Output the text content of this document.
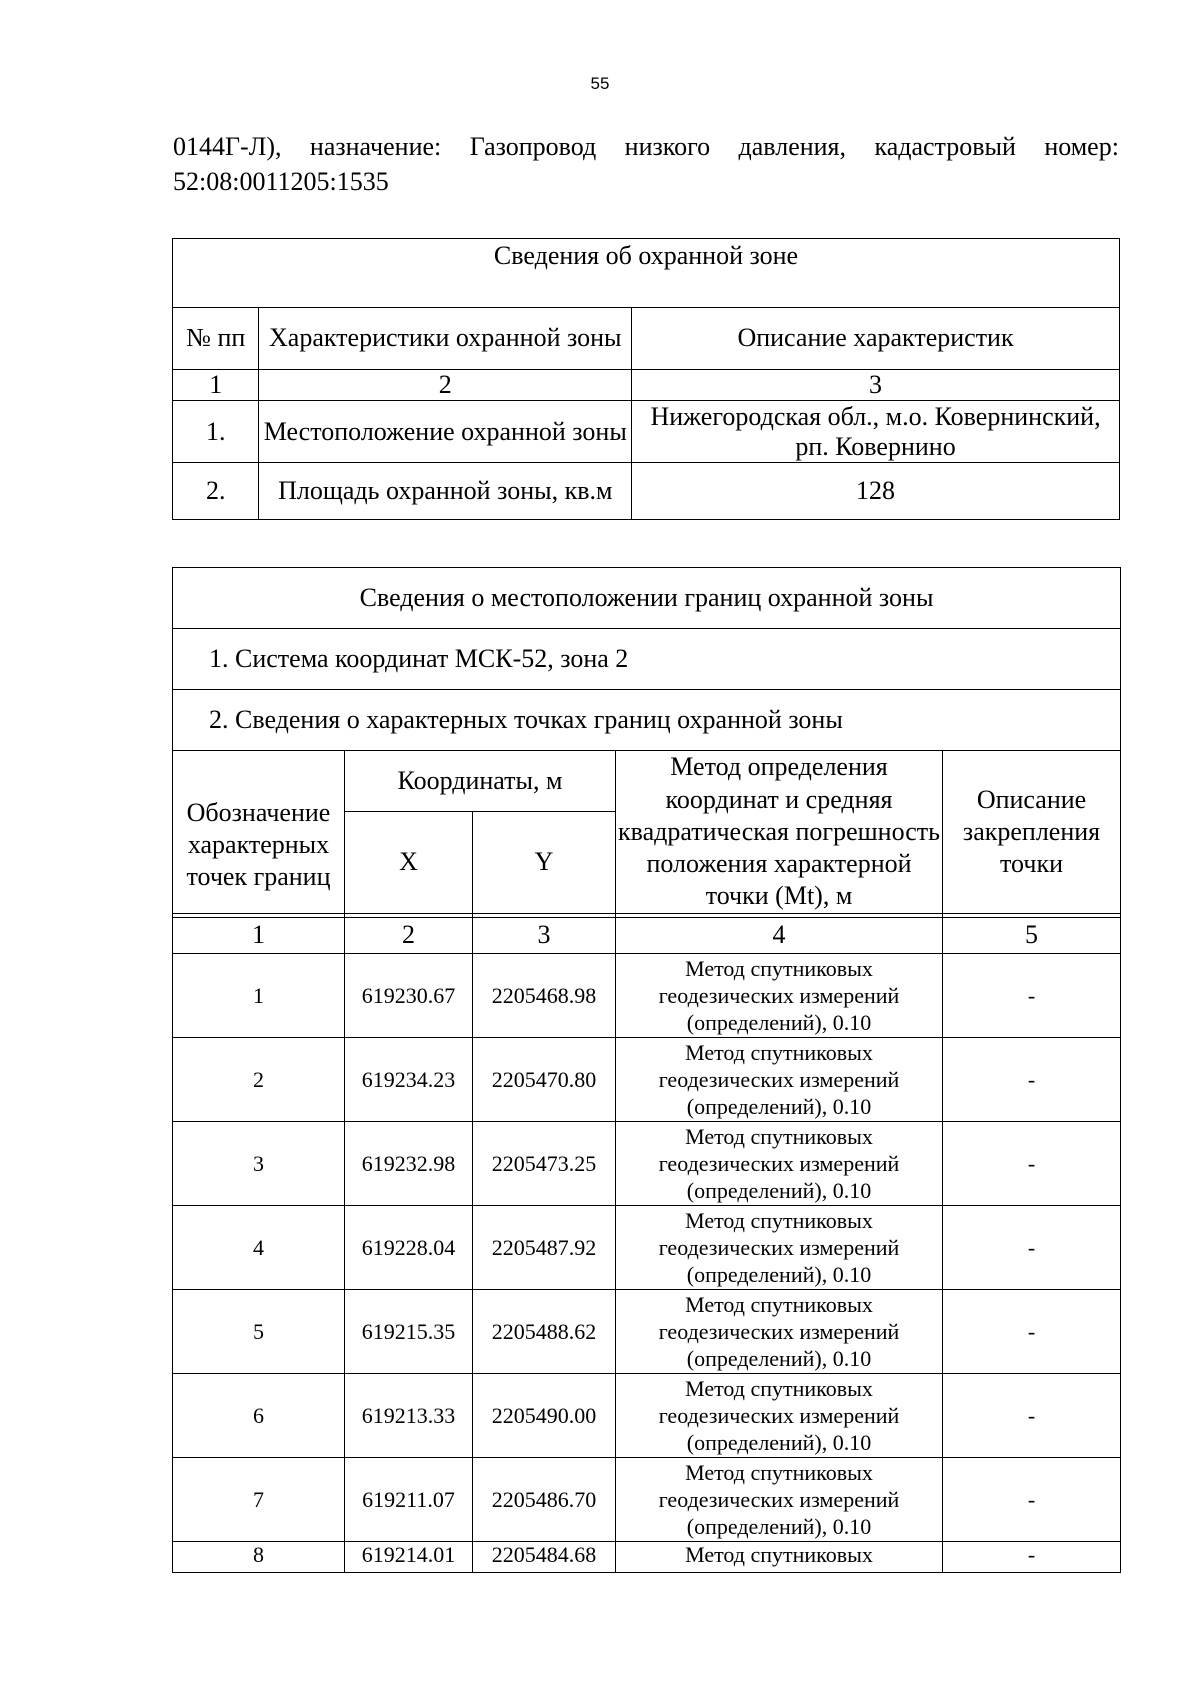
55
0144Г-Л), назначение: Газопровод низкого давления, кадастровый номер:
52:08:0011205:1535
Сведения об охранной зоне		
№ пп	Характеристики охранной зоны	Описание характеристик
1	2	3
1.	Местоположение охранной зоны	Нижегородская обл., м.о. Ковернинский, рп. Ковернино
2.	Площадь охранной зоны, кв.м	128
Сведения о местоположении границ охранной зоны				
1. Система координат МСК-52, зона 2				
2. Сведения о характерных точках границ охранной зоны				
Обозначение характерных точек границ	Координаты, м		Метод определения координат и средняя квадратическая погрешность положения характерной точки (Mt), м	Описание закрепления точки
	X	Y		

1	2	3	4	5
1	619230.67	2205468.98	Метод спутниковых геодезических измерений (определений), 0.10	-
2	619234.23	2205470.80	Метод спутниковых геодезических измерений (определений), 0.10	-
3	619232.98	2205473.25	Метод спутниковых геодезических измерений (определений), 0.10	-
4	619228.04	2205487.92	Метод спутниковых геодезических измерений (определений), 0.10	-
5	619215.35	2205488.62	Метод спутниковых геодезических измерений (определений), 0.10	-
6	619213.33	2205490.00	Метод спутниковых геодезических измерений (определений), 0.10	-
7	619211.07	2205486.70	Метод спутниковых геодезических измерений (определений), 0.10	-
8	619214.01	2205484.68	Метод спутниковых	-
